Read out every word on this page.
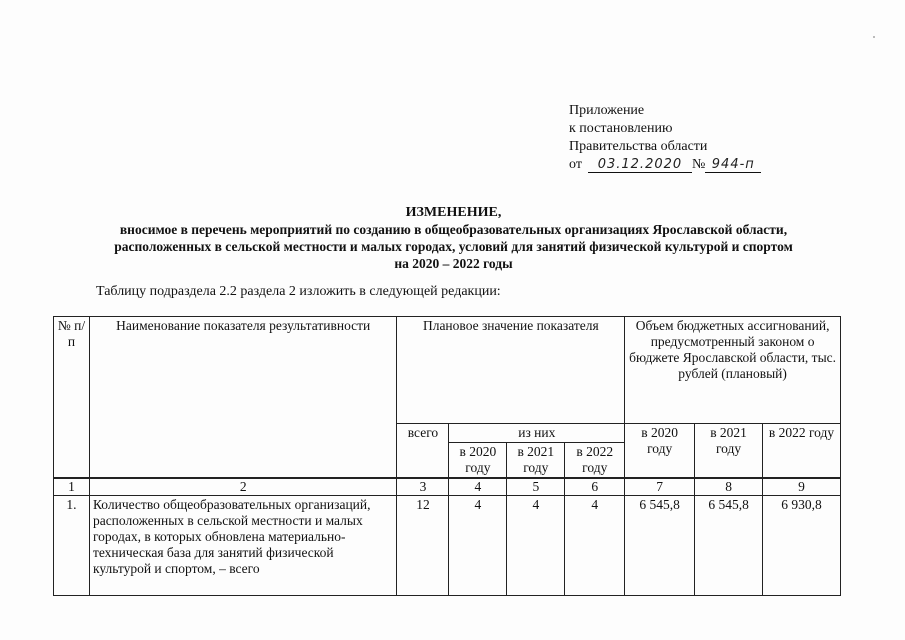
Приложение
к постановлению
Правительства области
от 03.12.2020 № 944-п
ИЗМЕНЕНИЕ,
вносимое в перечень мероприятий по созданию в общеобразовательных организациях Ярославской области,
расположенных в сельской местности и малых городах, условий для занятий физической культурой и спортом
на 2020 – 2022 годы
Таблицу подраздела 2.2 раздела 2 изложить в следующей редакции:
№ п/п	Наименование показателя результативности	Плановое значение показателя				Объем бюджетных ассигнований, предусмотренный законом о бюджете Ярославской области, тыс. рублей (плановый)		
		всего	из них			в 2020 году	в 2021 году	в 2022 году
			в 2020 году	в 2021 году	в 2022 году			
1	2	3	4	5	6	7	8	9
1.	Количество общеобразовательных организаций, расположенных в сельской местности и малых городах, в которых обновлена материально-техническая база для занятий физической культурой и спортом, – всего	12	4	4	4	6 545,8	6 545,8	6 930,8
